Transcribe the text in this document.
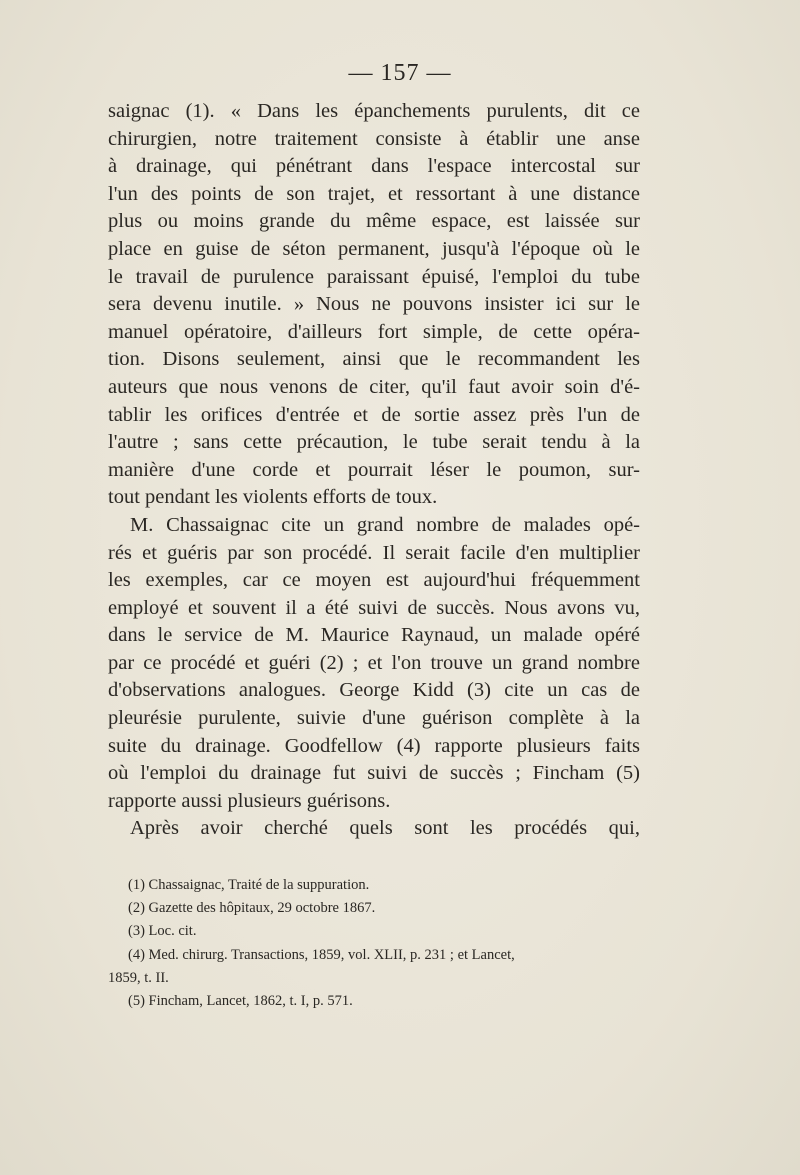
— 157 —
saignac (1). « Dans les épanchements purulents, dit ce
chirurgien, notre traitement consiste à établir une anse
à drainage, qui pénétrant dans l'espace intercostal sur
l'un des points de son trajet, et ressortant à une distance
plus ou moins grande du même espace, est laissée sur
place en guise de séton permanent, jusqu'à l'époque où le
le travail de purulence paraissant épuisé, l'emploi du tube
sera devenu inutile. » Nous ne pouvons insister ici sur le
manuel opératoire, d'ailleurs fort simple, de cette opéra-
tion. Disons seulement, ainsi que le recommandent les
auteurs que nous venons de citer, qu'il faut avoir soin d'é-
tablir les orifices d'entrée et de sortie assez près l'un de
l'autre ; sans cette précaution, le tube serait tendu à la
manière d'une corde et pourrait léser le poumon, sur-
tout pendant les violents efforts de toux.
M. Chassaignac cite un grand nombre de malades opé-
rés et guéris par son procédé. Il serait facile d'en multiplier
les exemples, car ce moyen est aujourd'hui fréquemment
employé et souvent il a été suivi de succès. Nous avons vu,
dans le service de M. Maurice Raynaud, un malade opéré
par ce procédé et guéri (2) ; et l'on trouve un grand nombre
d'observations analogues. George Kidd (3) cite un cas de
pleurésie purulente, suivie d'une guérison complète à la
suite du drainage. Goodfellow (4) rapporte plusieurs faits
où l'emploi du drainage fut suivi de succès ; Fincham (5)
rapporte aussi plusieurs guérisons.
Après avoir cherché quels sont les procédés qui,
(1) Chassaignac, Traité de la suppuration.
(2) Gazette des hôpitaux, 29 octobre 1867.
(3) Loc. cit.
(4) Med. chirurg. Transactions, 1859, vol. XLII, p. 231 ; et Lancet,
1859, t. II.
(5) Fincham, Lancet, 1862, t. I, p. 571.
